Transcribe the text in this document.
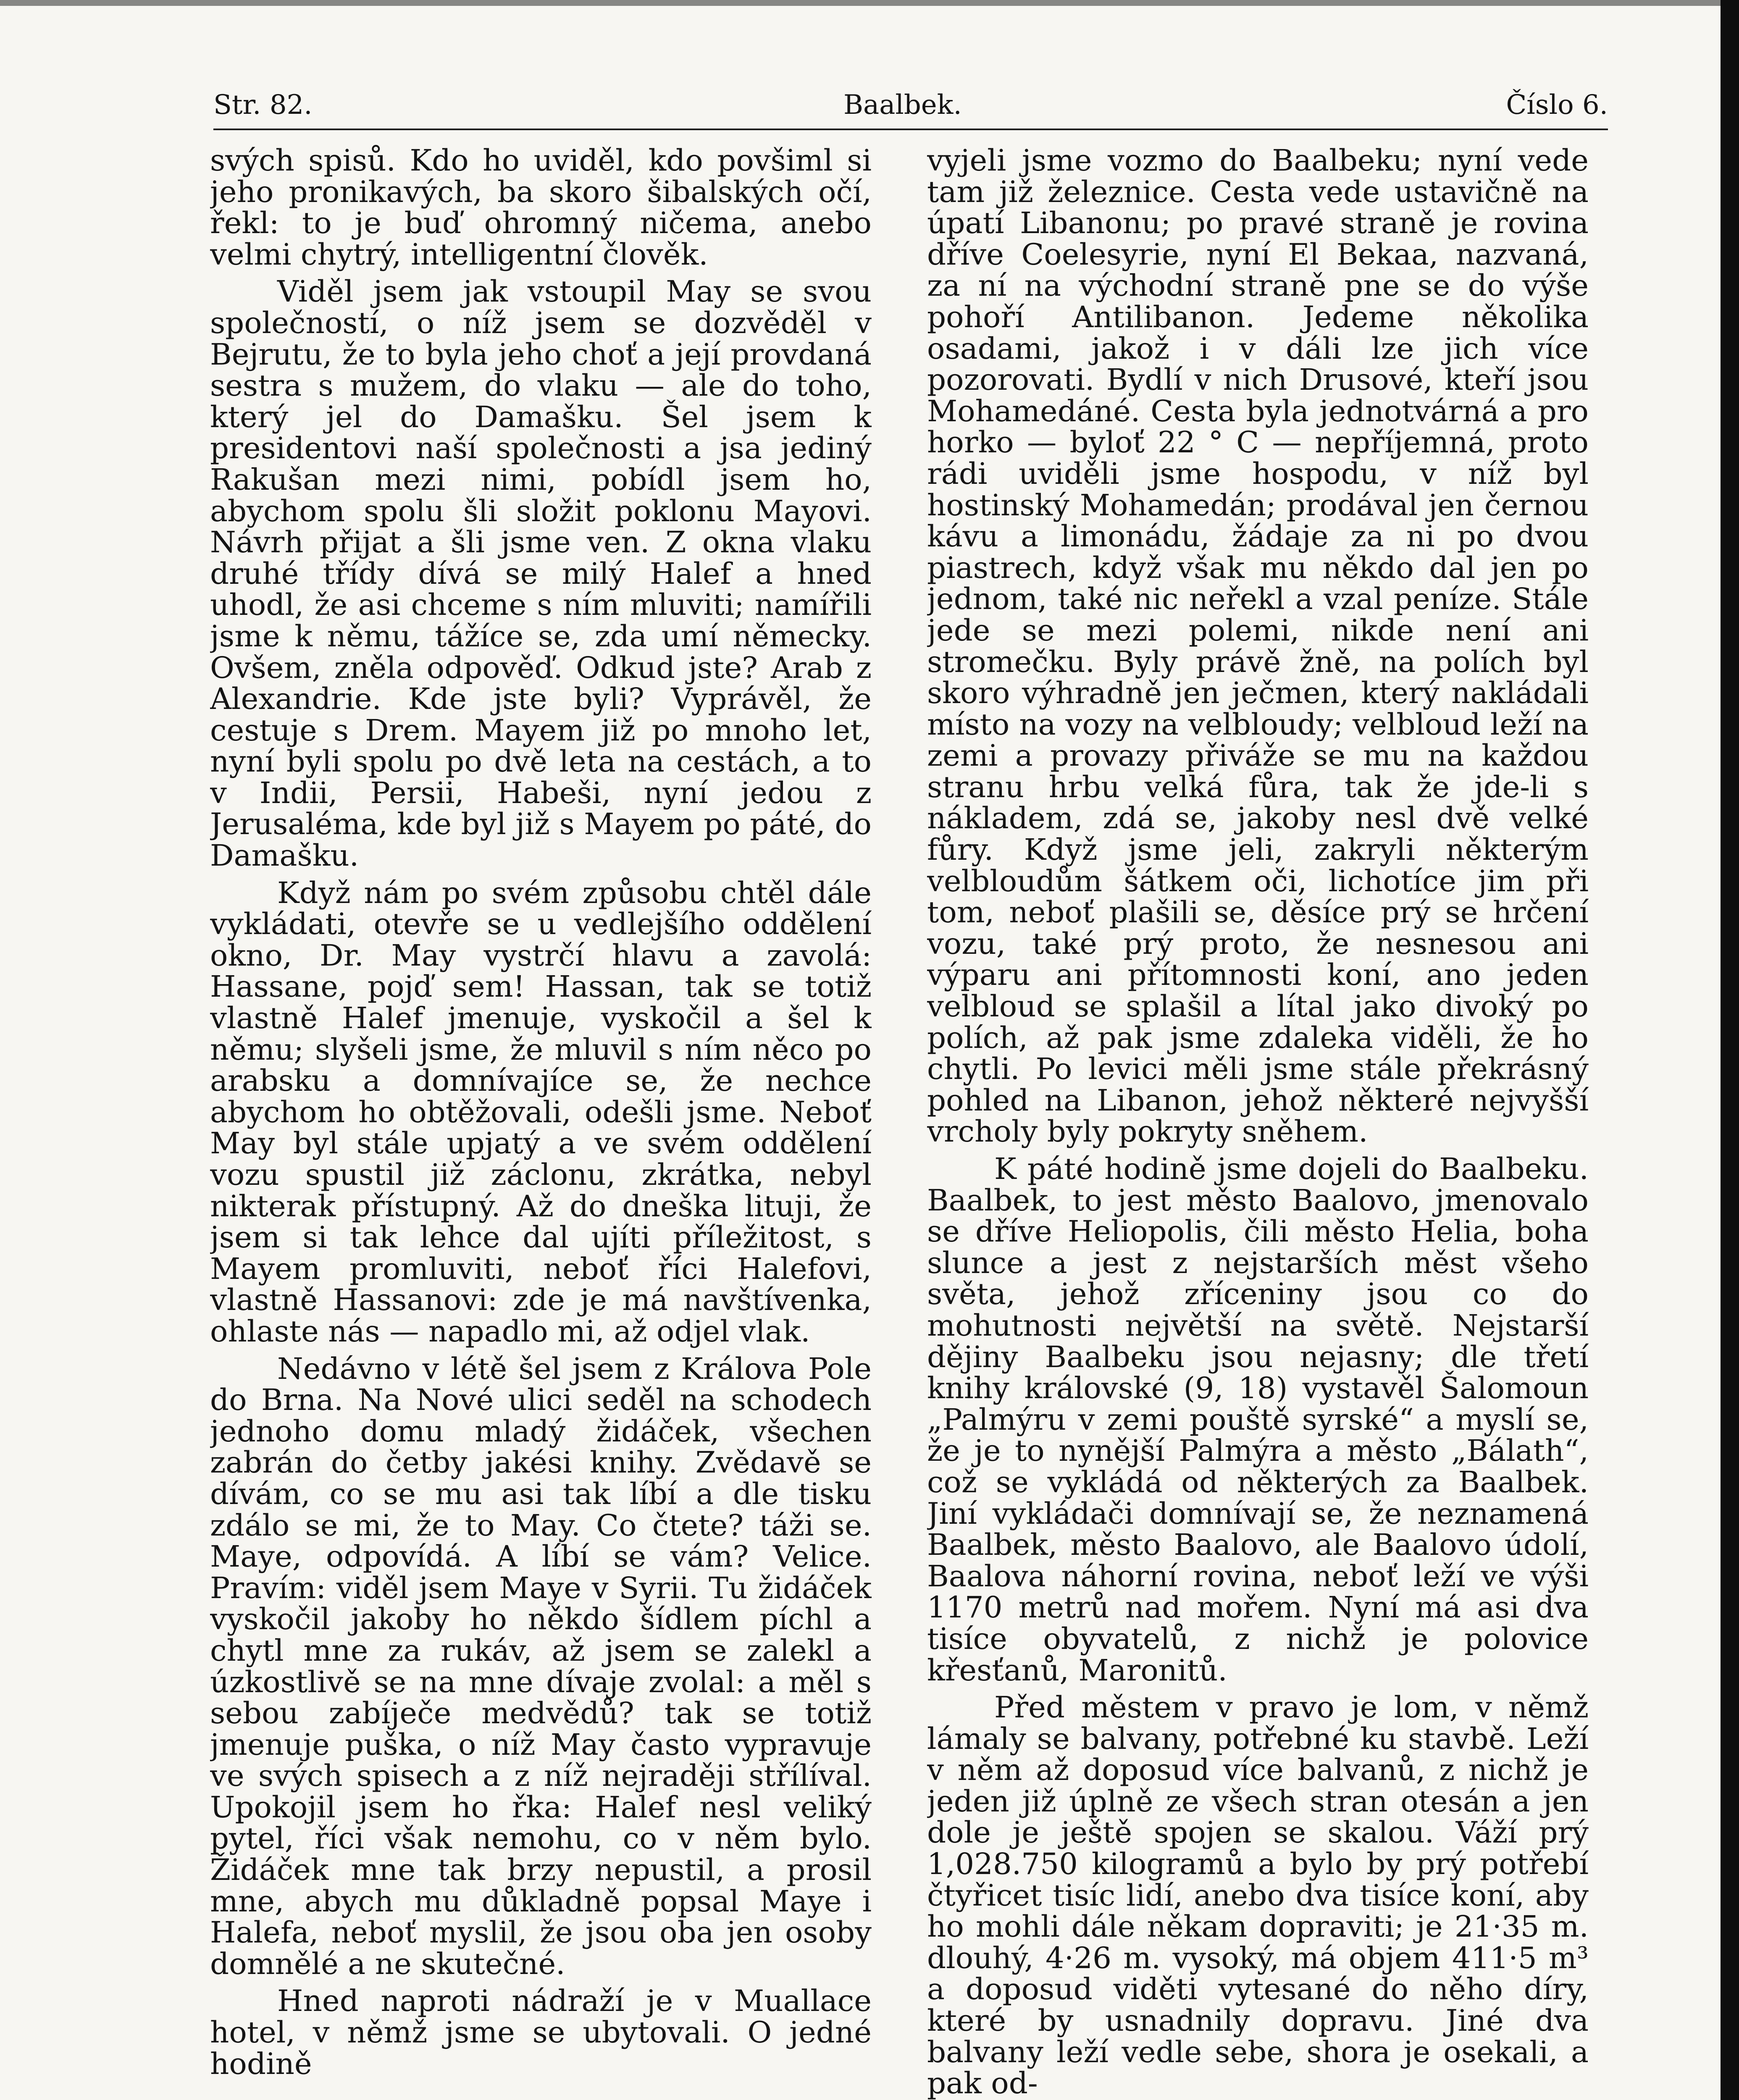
Str. 82.	Baalbek.	Číslo 6.

svých spisů. Kdo ho uviděl, kdo povšiml si jeho pronikavých, ba skoro šibalských očí, řekl: to je buď ohromný ničema, anebo velmi chytrý, intelligentní člověk.

Viděl jsem jak vstoupil May se svou společností, o níž jsem se dozvěděl v Bejrutu, že to byla jeho choť a její provdaná sestra s mužem, do vlaku — ale do toho, který jel do Damašku. Šel jsem k presidentovi naší společnosti a jsa jediný Rakušan mezi nimi, pobídl jsem ho, abychom spolu šli složit poklonu Mayovi. Návrh přijat a šli jsme ven. Z okna vlaku druhé třídy dívá se milý Halef a hned uhodl, že asi chceme s ním mluviti; namířili jsme k němu, tážíce se, zda umí německy. Ovšem, zněla odpověď. Odkud jste? Arab z Alexandrie. Kde jste byli? Vyprávěl, že cestuje s Drem. Mayem již po mnoho let, nyní byli spolu po dvě leta na cestách, a to v Indii, Persii, Habeši, nyní jedou z Jerusaléma, kde byl již s Mayem po páté, do Damašku.

Když nám po svém způsobu chtěl dále vykládati, otevře se u vedlejšího oddělení okno, Dr. May vystrčí hlavu a zavolá: Hassane, pojď sem! Hassan, tak se totiž vlastně Halef jmenuje, vyskočil a šel k němu; slyšeli jsme, že mluvil s ním něco po arabsku a domnívajíce se, že nechce abychom ho obtěžovali, odešli jsme. Neboť May byl stále upjatý a ve svém oddělení vozu spustil již záclonu, zkrátka, nebyl nikterak přístupný. Až do dneška lituji, že jsem si tak lehce dal ujíti příležitost, s Mayem promluviti, neboť říci Halefovi, vlastně Hassanovi: zde je má navštívenka, ohlaste nás — napadlo mi, až odjel vlak.

Nedávno v létě šel jsem z Králova Pole do Brna. Na Nové ulici seděl na schodech jednoho domu mladý židáček, všechen zabrán do četby jakési knihy. Zvědavě se dívám, co se mu asi tak líbí a dle tisku zdálo se mi, že to May. Co čtete? táži se. Maye, odpovídá. A líbí se vám? Velice. Pravím: viděl jsem Maye v Syrii. Tu židáček vyskočil jakoby ho někdo šídlem píchl a chytl mne za rukáv, až jsem se zalekl a úzkostlivě se na mne dívaje zvolal: a měl s sebou zabíječe medvědů? tak se totiž jmenuje puška, o níž May často vypravuje ve svých spisech a z níž nejraději střílíval. Upokojil jsem ho řka: Halef nesl veliký pytel, říci však nemohu, co v něm bylo. Židáček mne tak brzy nepustil, a prosil mne, abych mu důkladně popsal Maye i Halefa, neboť myslil, že jsou oba jen osoby domnělé a ne skutečné.

Hned naproti nádraží je v Muallace hotel, v němž jsme se ubytovali. O jedné hodině

vyjeli jsme vozmo do Baalbeku; nyní vede tam již železnice. Cesta vede ustavičně na úpatí Libanonu; po pravé straně je rovina dříve Coelesyrie, nyní El Bekaa, nazvaná, za ní na východní straně pne se do výše pohoří Antilibanon. Jedeme několika osadami, jakož i v dáli lze jich více pozorovati. Bydlí v nich Drusové, kteří jsou Mohamedáné. Cesta byla jednotvárná a pro horko — byloť 22 ° C — nepříjemná, proto rádi uviděli jsme hospodu, v níž byl hostinský Mohamedán; prodával jen černou kávu a limonádu, žádaje za ni po dvou piastrech, když však mu někdo dal jen po jednom, také nic neřekl a vzal peníze. Stále jede se mezi polemi, nikde není ani stromečku. Byly právě žně, na polích byl skoro výhradně jen ječmen, který nakládali místo na vozy na velbloudy; velbloud leží na zemi a provazy přiváže se mu na každou stranu hrbu velká fůra, tak že jde-li s nákladem, zdá se, jakoby nesl dvě velké fůry. Když jsme jeli, zakryli některým velbloudům šátkem oči, lichotíce jim při tom, neboť plašili se, děsíce prý se hrčení vozu, také prý proto, že nesnesou ani výparu ani přítomnosti koní, ano jeden velbloud se splašil a lítal jako divoký po polích, až pak jsme zdaleka viděli, že ho chytli. Po levici měli jsme stále překrásný pohled na Libanon, jehož některé nejvyšší vrcholy byly pokryty sněhem.

K páté hodině jsme dojeli do Baalbeku. Baalbek, to jest město Baalovo, jmenovalo se dříve Heliopolis, čili město Helia, boha slunce a jest z nejstarších měst všeho světa, jehož zříceniny jsou co do mohutnosti největší na světě. Nejstarší dějiny Baalbeku jsou nejasny; dle třetí knihy královské (9, 18) vystavěl Šalomoun „Palmýru v zemi pouště syrské“ a myslí se, že je to nynější Palmýra a město „Bálath“, což se vykládá od některých za Baalbek. Jiní vykládači domnívají se, že neznamená Baalbek, město Baalovo, ale Baalovo údolí, Baalova náhorní rovina, neboť leží ve výši 1170 metrů nad mořem. Nyní má asi dva tisíce obyvatelů, z nichž je polovice křesťanů, Maronitů.

Před městem v pravo je lom, v němž lámaly se balvany, potřebné ku stavbě. Leží v něm až doposud více balvanů, z nichž je jeden již úplně ze všech stran otesán a jen dole je ještě spojen se skalou. Váží prý 1,028.750 kilogramů a bylo by prý potřebí čtyřicet tisíc lidí, anebo dva tisíce koní, aby ho mohli dále někam dopraviti; je 21·35 m. dlouhý, 4·26 m. vysoký, má objem 411·5 m³ a doposud viděti vytesané do něho díry, které by usnadnily dopravu. Jiné dva balvany leží vedle sebe, shora je osekali, a pak od-
